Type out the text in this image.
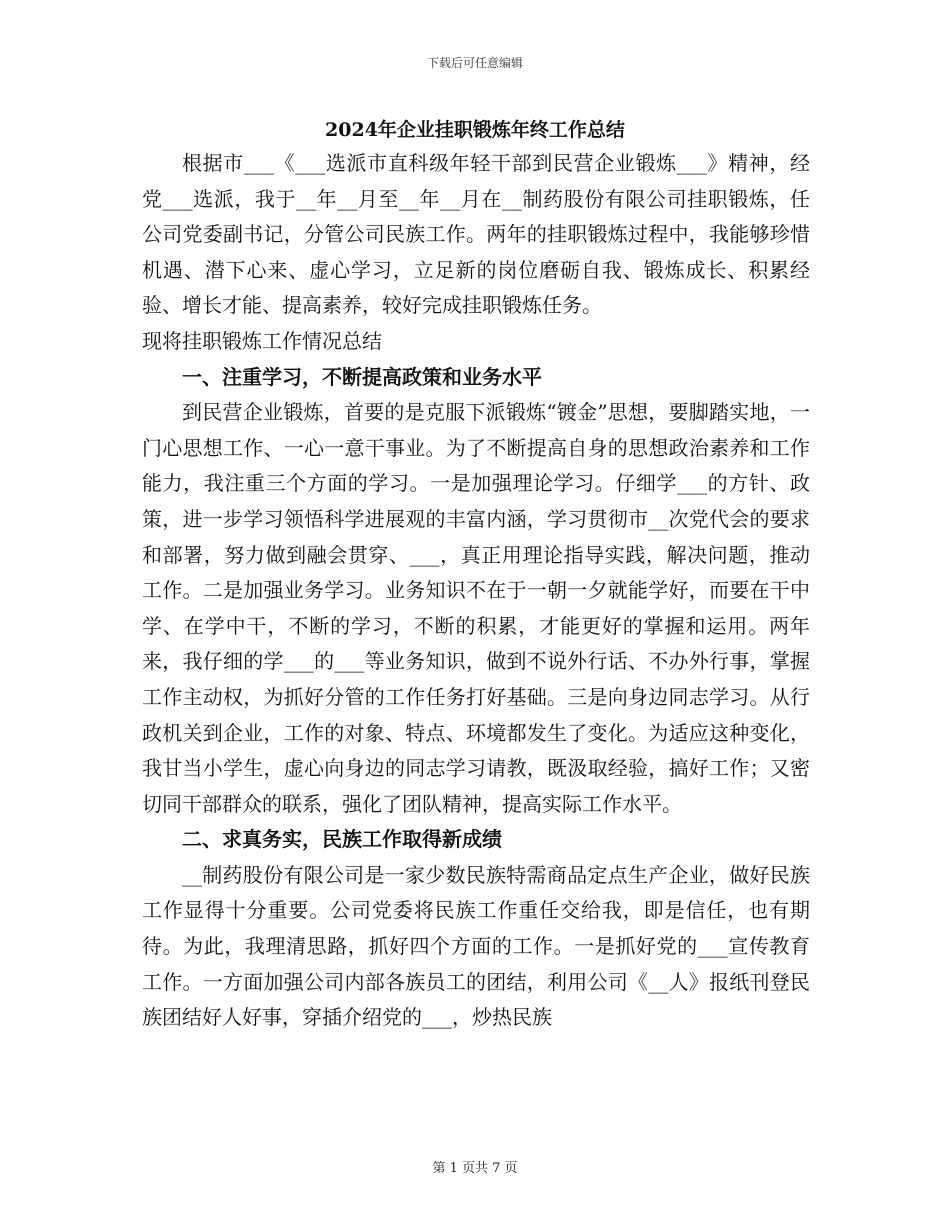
下载后可任意编辑
2024年企业挂职锻炼年终工作总结

根据市___《___选派市直科级年轻干部到民营企业锻炼___》精神，经党___选派，我于__年__月至__年__月在__制药股份有限公司挂职锻炼，任公司党委副书记，分管公司民族工作。两年的挂职锻炼过程中，我能够珍惜机遇、潜下心来、虚心学习，立足新的岗位磨砺自我、锻炼成长、积累经验、增长才能、提高素养，较好完成挂职锻炼任务。

现将挂职锻炼工作情况总结

一、注重学习，不断提高政策和业务水平

到民营企业锻炼，首要的是克服下派锻炼“镀金”思想，要脚踏实地，一门心思想工作、一心一意干事业。为了不断提高自身的思想政治素养和工作能力，我注重三个方面的学习。一是加强理论学习。仔细学___的方针、政策，进一步学习领悟科学进展观的丰富内涵，学习贯彻市__次党代会的要求和部署，努力做到融会贯穿、___，真正用理论指导实践，解决问题，推动工作。二是加强业务学习。业务知识不在于一朝一夕就能学好，而要在干中学、在学中干，不断的学习，不断的积累，才能更好的掌握和运用。两年来，我仔细的学___的___等业务知识，做到不说外行话、不办外行事，掌握工作主动权，为抓好分管的工作任务打好基础。三是向身边同志学习。从行政机关到企业，工作的对象、特点、环境都发生了变化。为适应这种变化，我甘当小学生，虚心向身边的同志学习请教，既汲取经验，搞好工作；又密切同干部群众的联系，强化了团队精神，提高实际工作水平。

二、求真务实，民族工作取得新成绩

__制药股份有限公司是一家少数民族特需商品定点生产企业，做好民族工作显得十分重要。公司党委将民族工作重任交给我，即是信任，也有期待。为此，我理清思路，抓好四个方面的工作。一是抓好党的___宣传教育工作。一方面加强公司内部各族员工的团结，利用公司《__人》报纸刊登民族团结好人好事，穿插介绍党的___，炒热民族

第 1 页共 7 页
